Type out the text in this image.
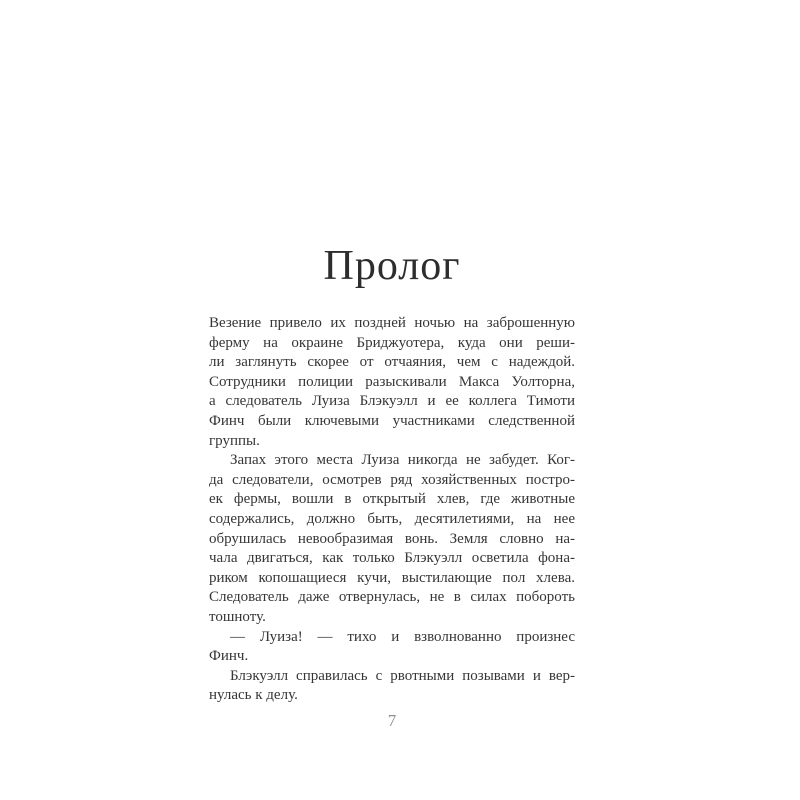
Пролог
Везение привело их поздней ночью на заброшенную
ферму на окраине Бриджуотера, куда они реши-
ли заглянуть скорее от отчаяния, чем с надеждой.
Сотрудники полиции разыскивали Макса Уолторна,
а следователь Луиза Блэкуэлл и ее коллега Тимоти
Финч были ключевыми участниками следственной
группы.
Запах этого места Луиза никогда не забудет. Ког-
да следователи, осмотрев ряд хозяйственных постро-
ек фермы, вошли в открытый хлев, где животные
содержались, должно быть, десятилетиями, на нее
обрушилась невообразимая вонь. Земля словно на-
чала двигаться, как только Блэкуэлл осветила фона-
риком копошащиеся кучи, выстилающие пол хлева.
Следователь даже отвернулась, не в силах побороть
тошноту.
— Луиза! — тихо и взволнованно произнес
Финч.
Блэкуэлл справилась с рвотными позывами и вер-
нулась к делу.
7
